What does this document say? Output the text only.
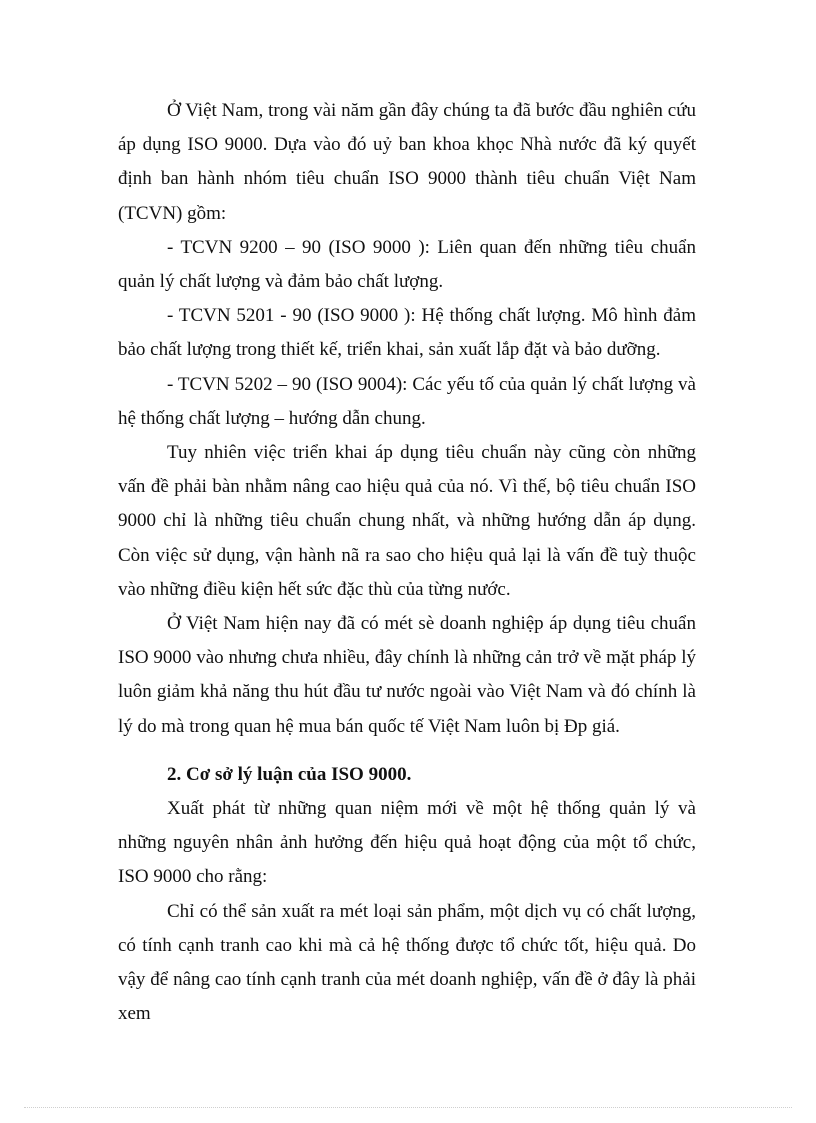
Ở Việt Nam, trong vài năm gần đây chúng ta đã bước đầu nghiên cứu áp dụng ISO 9000. Dựa vào đó uỷ ban khoa khọc Nhà nước đã ký quyết định ban hành nhóm tiêu chuẩn ISO 9000 thành tiêu chuẩn Việt Nam (TCVN) gồm:

- TCVN 9200 – 90 (ISO 9000 ): Liên quan đến những tiêu chuẩn quản lý chất lượng và đảm bảo chất lượng.

- TCVN 5201 - 90 (ISO 9000 ): Hệ thống chất lượng. Mô hình đảm bảo chất lượng trong thiết kế, triển khai, sản xuất lắp đặt và bảo dưỡng.

- TCVN 5202 – 90 (ISO 9004): Các yếu tố của quản lý chất lượng và hệ thống chất lượng – hướng dẫn chung.

Tuy nhiên việc triển khai áp dụng tiêu chuẩn này cũng còn những vấn đề phải bàn nhằm nâng cao hiệu quả của nó. Vì thế, bộ tiêu chuẩn ISO 9000 chỉ là những tiêu chuẩn chung nhất, và những hướng dẫn áp dụng. Còn việc sử dụng, vận hành nã ra sao cho hiệu quả lại là vấn đề tuỳ thuộc vào những điều kiện hết sức đặc thù của từng nước.

Ở Việt Nam hiện nay đã có mét sè doanh nghiệp áp dụng tiêu chuẩn ISO 9000 vào nhưng chưa nhiều, đây chính là những cản trở về mặt pháp lý luôn giảm khả năng thu hút đầu tư nước ngoài vào Việt Nam và đó chính là lý do mà trong quan hệ mua bán quốc tế Việt Nam luôn bị Ðp giá.

2. Cơ sở lý luận của ISO 9000.

Xuất phát từ những quan niệm mới về một hệ thống quản lý và những nguyên nhân ảnh hưởng đến hiệu quả hoạt động của một tổ chức, ISO 9000 cho rằng:

Chỉ có thể sản xuất ra mét loại sản phẩm, một dịch vụ có chất lượng, có tính cạnh tranh cao khi mà cả hệ thống được tổ chức tốt, hiệu quả. Do vậy để nâng cao tính cạnh tranh của mét doanh nghiệp, vấn đề ở đây là phải xem
